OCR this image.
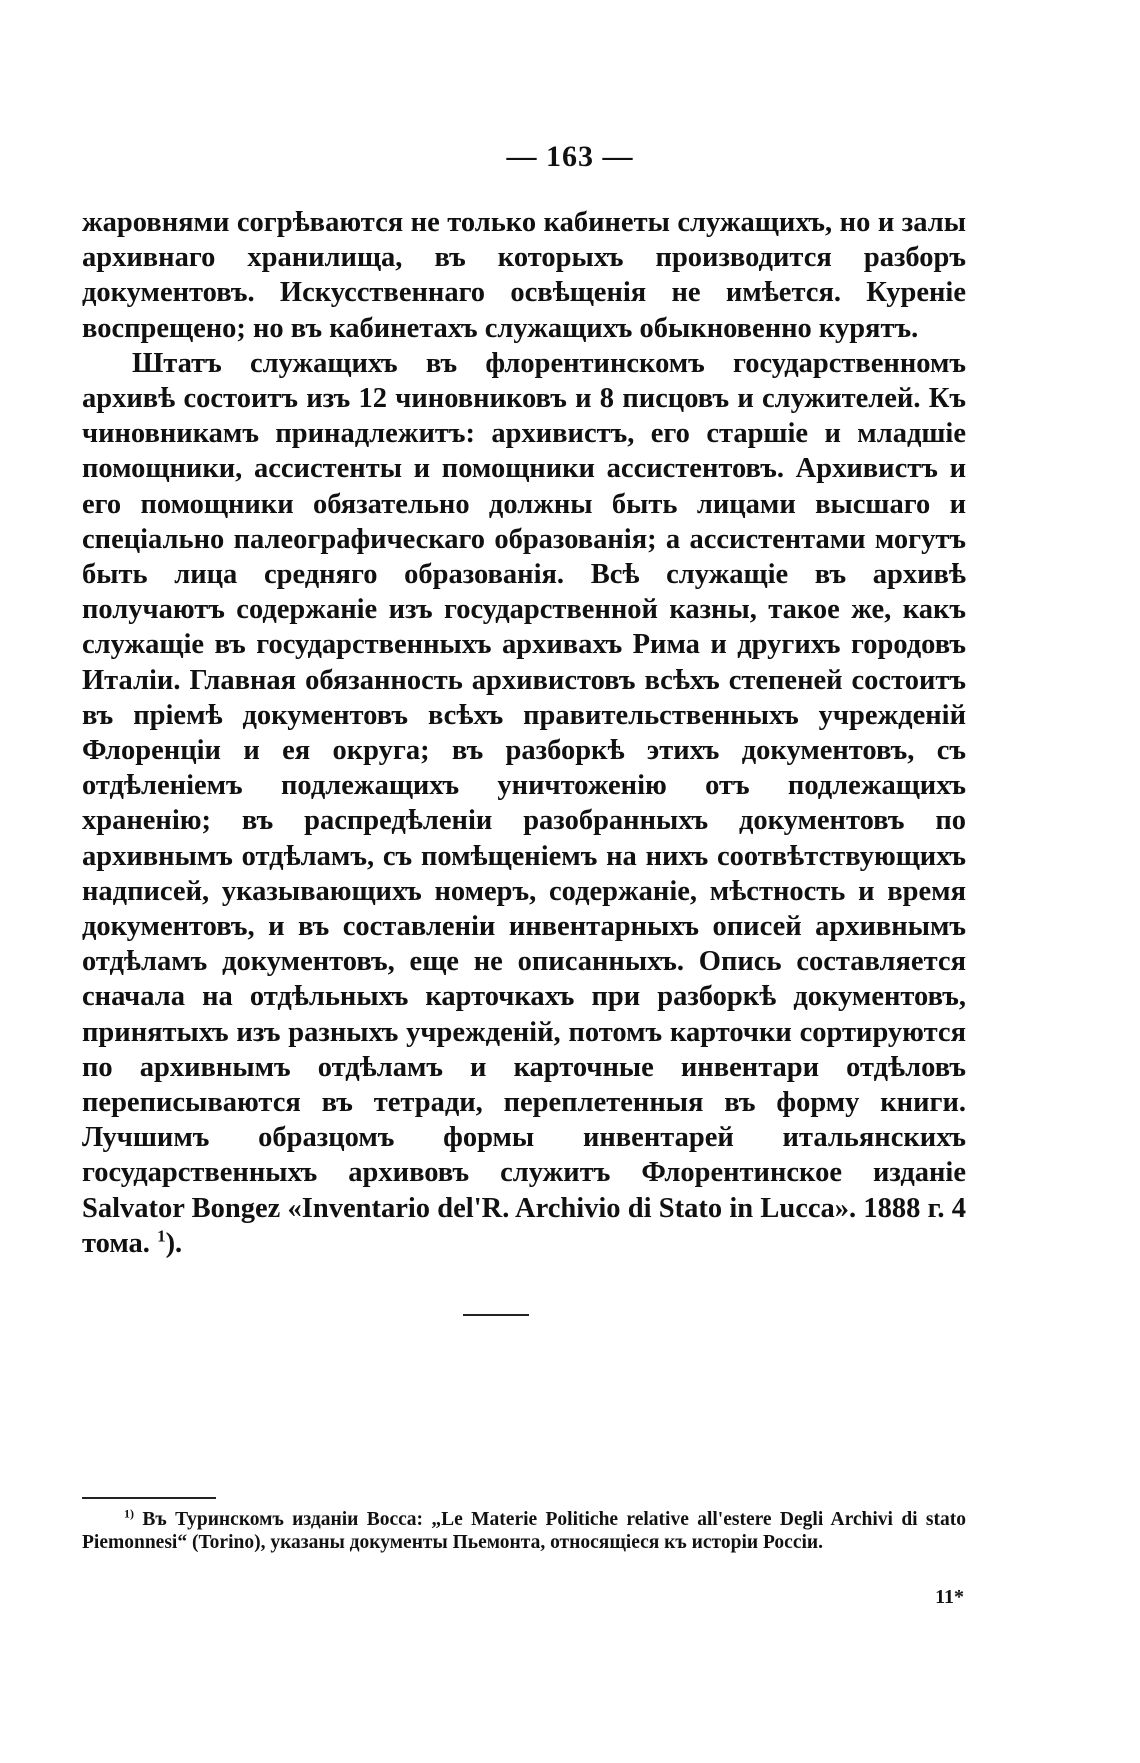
— 163 —

жаровнями согрѣваются не только кабинеты служащихъ, но и залы архивнаго хранилища, въ которыхъ производится разборъ документовъ. Искусственнаго освѣщенія не имѣется. Куреніе воспрещено; но въ кабинетахъ служащихъ обыкновенно курятъ.

Штатъ служащихъ въ флорентинскомъ государственномъ архивѣ состоитъ изъ 12 чиновниковъ и 8 писцовъ и служителей. Къ чиновникамъ принадлежитъ: архивистъ, его старшіе и младшіе помощники, ассистенты и помощники ассистентовъ. Архивистъ и его помощники обязательно должны быть лицами высшаго и спеціально палеографическаго образованія; а ассистентами могутъ быть лица средняго образованія. Всѣ служащіе въ архивѣ получаютъ содержаніе изъ государственной казны, такое же, какъ служащіе въ государственныхъ архивахъ Рима и другихъ городовъ Италіи. Главная обязанность архивистовъ всѣхъ степеней состоитъ въ пріемѣ документовъ всѣхъ правительственныхъ учрежденій Флоренціи и ея округа; въ разборкѣ этихъ документовъ, съ отдѣленіемъ подлежащихъ уничтоженію отъ подлежащихъ храненію; въ распредѣленіи разобранныхъ документовъ по архивнымъ отдѣламъ, съ помѣщеніемъ на нихъ соотвѣтствующихъ надписей, указывающихъ номеръ, содержаніе, мѣстность и время документовъ, и въ составленіи инвентарныхъ описей архивнымъ отдѣламъ документовъ, еще не описанныхъ. Опись составляется сначала на отдѣльныхъ карточкахъ при разборкѣ документовъ, принятыхъ изъ разныхъ учрежденій, потомъ карточки сортируются по архивнымъ отдѣламъ и карточные инвентари отдѣловъ переписываются въ тетради, переплетенныя въ форму книги. Лучшимъ образцомъ формы инвентарей итальянскихъ государственныхъ архивовъ служитъ Флорентинское изданіе Salvator Bongez «Inventario del'R. Archivio di Stato in Lucca». 1888 г. 4 тома. $^1$).

$^{1)}$ Въ Туринскомъ изданіи Bocca: „Le Materie Politiche relative all'estere Degli Archivi di stato Piemonnesi“ (Torino), указаны документы Пьемонта, относящіеся къ исторіи Россіи.
11*
